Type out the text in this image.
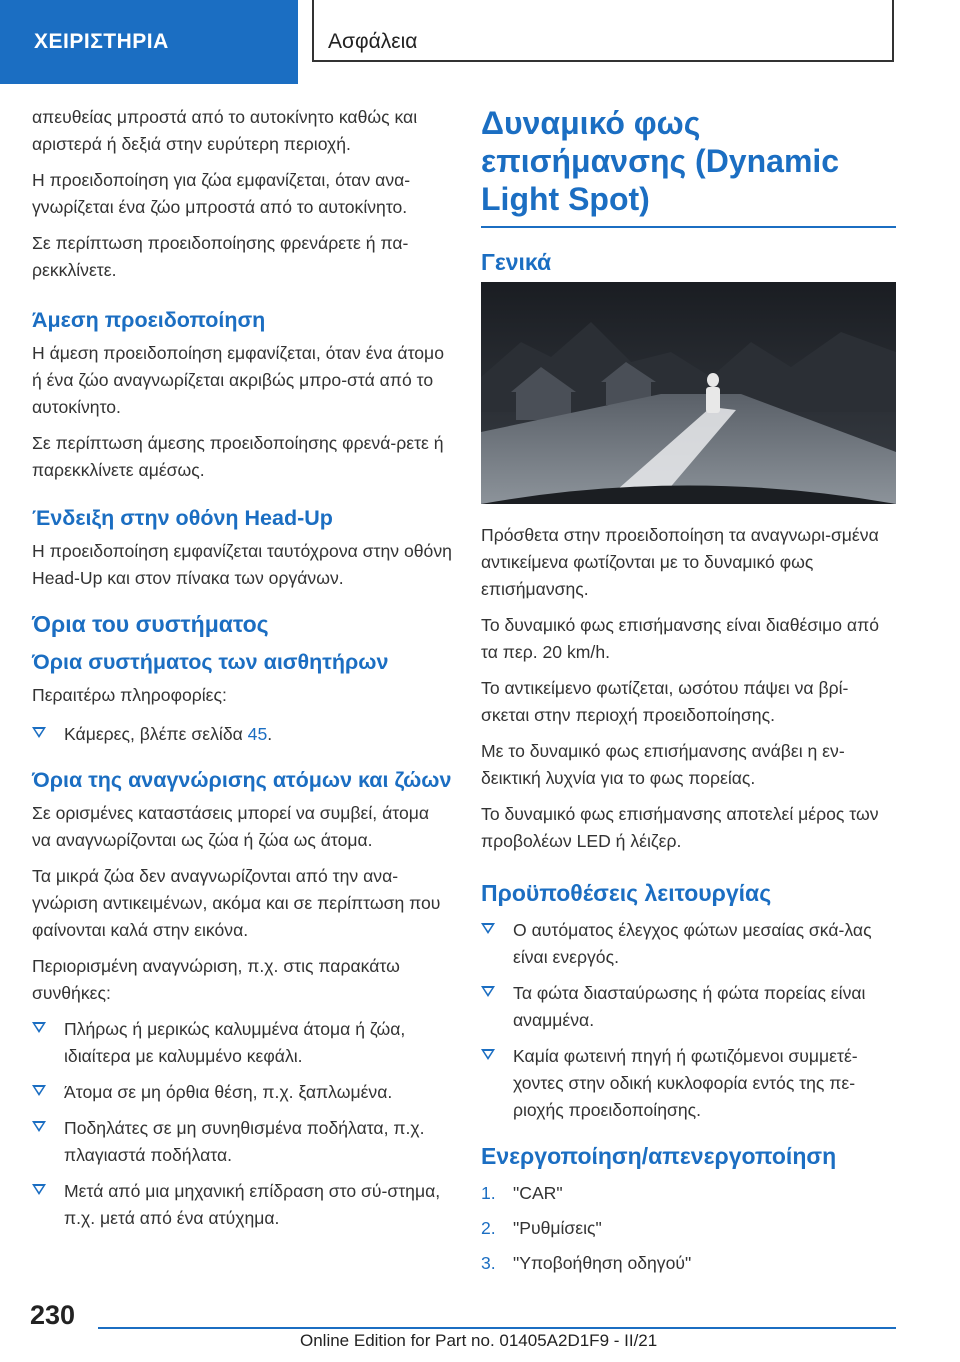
ΧΕΙΡΙΣΤΗΡΙΑ	Ασφάλεια

απευθείας μπροστά από το αυτοκίνητο καθώς και αριστερά ή δεξιά στην ευρύτερη περιοχή.

Η προειδοποίηση για ζώα εμφανίζεται, όταν ανα-γνωρίζεται ένα ζώο μπροστά από το αυτοκίνητο.

Σε περίπτωση προειδοποίησης φρενάρετε ή πα-ρεκκλίνετε.

Άμεση προειδοποίηση

Η άμεση προειδοποίηση εμφανίζεται, όταν ένα άτομο ή ένα ζώο αναγνωρίζεται ακριβώς μπρο-στά από το αυτοκίνητο.

Σε περίπτωση άμεσης προειδοποίησης φρενά-ρετε ή παρεκκλίνετε αμέσως.

Ένδειξη στην οθόνη Head-Up

Η προειδοποίηση εμφανίζεται ταυτόχρονα στην οθόνη Head-Up και στον πίνακα των οργάνων.

Όρια του συστήματος
Όρια συστήματος των αισθητήρων

Περαιτέρω πληροφορίες:

Κάμερες, βλέπε σελίδα 45.
Όρια της αναγνώρισης ατόμων και ζώων

Σε ορισμένες καταστάσεις μπορεί να συμβεί, άτομα να αναγνωρίζονται ως ζώα ή ζώα ως άτομα.

Τα μικρά ζώα δεν αναγνωρίζονται από την ανα-γνώριση αντικειμένων, ακόμα και σε περίπτωση που φαίνονται καλά στην εικόνα.

Περιορισμένη αναγνώριση, π.χ. στις παρακάτω συνθήκες:

Πλήρως ή μερικώς καλυμμένα άτομα ή ζώα, ιδιαίτερα με καλυμμένο κεφάλι.
Άτομα σε μη όρθια θέση, π.χ. ξαπλωμένα.
Ποδηλάτες σε μη συνηθισμένα ποδήλατα, π.χ. πλαγιαστά ποδήλατα.
Μετά από μια μηχανική επίδραση στο σύ-στημα, π.χ. μετά από ένα ατύχημα.
Δυναμικό φως επισήμανσης (Dynamic Light Spot)
Γενικά

Πρόσθετα στην προειδοποίηση τα αναγνωρι-σμένα αντικείμενα φωτίζονται με το δυναμικό φως επισήμανσης.

Το δυναμικό φως επισήμανσης είναι διαθέσιμο από τα περ. 20 km/h.

Το αντικείμενο φωτίζεται, ωσότου πάψει να βρί-σκεται στην περιοχή προειδοποίησης.

Με το δυναμικό φως επισήμανσης ανάβει η εν-δεικτική λυχνία για το φως πορείας.

Το δυναμικό φως επισήμανσης αποτελεί μέρος των προβολέων LED ή λέιζερ.

Προϋποθέσεις λειτουργίας
Ο αυτόματος έλεγχος φώτων μεσαίας σκά-λας είναι ενεργός.
Τα φώτα διασταύρωσης ή φώτα πορείας είναι αναμμένα.
Καμία φωτεινή πηγή ή φωτιζόμενοι συμμετέ-χοντες στην οδική κυκλοφορία εντός της πε-ριοχής προειδοποίησης.
Ενεργοποίηση/απενεργοποίηση
1. "CAR"
2. "Ρυθμίσεις"
3. "Υποβοήθηση οδηγού"
230
Online Edition for Part no. 01405A2D1F9 - II/21
